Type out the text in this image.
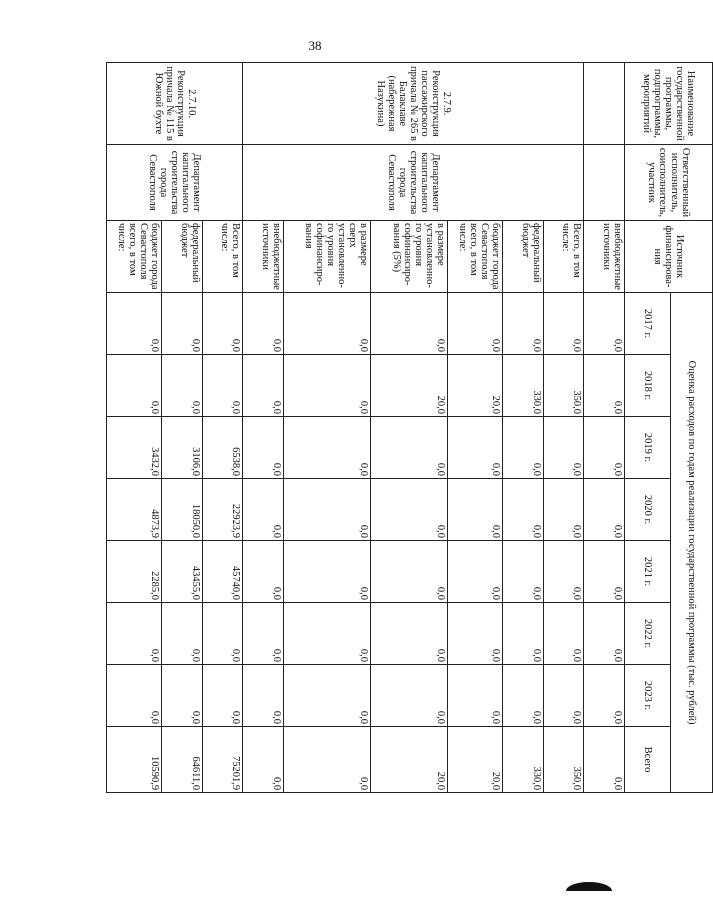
38
Наименование государственной программы, подпрограммы, мероприятий	Ответственный исполнитель, соисполнитель, участник	Источник финансирова-ния	Оценка расходов по годам реализации государственной программы (тыс. рублей)							
			2017 г.	2018 г.	2019 г.	2020 г.	2021 г.	2022 г.	2023 г.	Всего
		внебюджетные источники	0,0	0,0	0,0	0,0	0,0	0,0	0,0	0,0
2.7.9. Реконструкция пассажирского причала № 265 в Балаклаве (набережная Назукина)	Департамент капитального строительства города Севастополя	Всего, в том числе:	0,0	350,0	0,0	0,0	0,0	0,0	0,0	350,0
		федеральный бюджет	0,0	330,0	0,0	0,0	0,0	0,0	0,0	330,0
		бюджет города Севастополя всего, в том числе:	0,0	20,0	0,0	0,0	0,0	0,0	0,0	20,0
		в размере установленно-го уровня софинансиро-вания (5%)	0,0	20,0	0,0	0,0	0,0	0,0	0,0	20,0
		в размере сверх установленно-го уровня софинансиро-вания	0,0	0,0	0,0	0,0	0,0	0,0	0,0	0,0
		внебюджетные источники	0,0	0,0	0,0	0,0	0,0	0,0	0,0	0,0
2.7.10. Реконструкция причала № 115 в Южной бухте	Департамент капитального строительства города Севастополя	Всего, в том числе:	0,0	0,0	6538,0	22923,9	45740,0	0,0	0,0	75201,9
		федеральный бюджет	0,0	0,0	3106,0	18050,0	43455,0	0,0	0,0	64611,0
		бюджет города Севастополя всего, в том числе:	0,0	0,0	3432,0	4873,9	2285,0	0,0	0,0	10590,9
